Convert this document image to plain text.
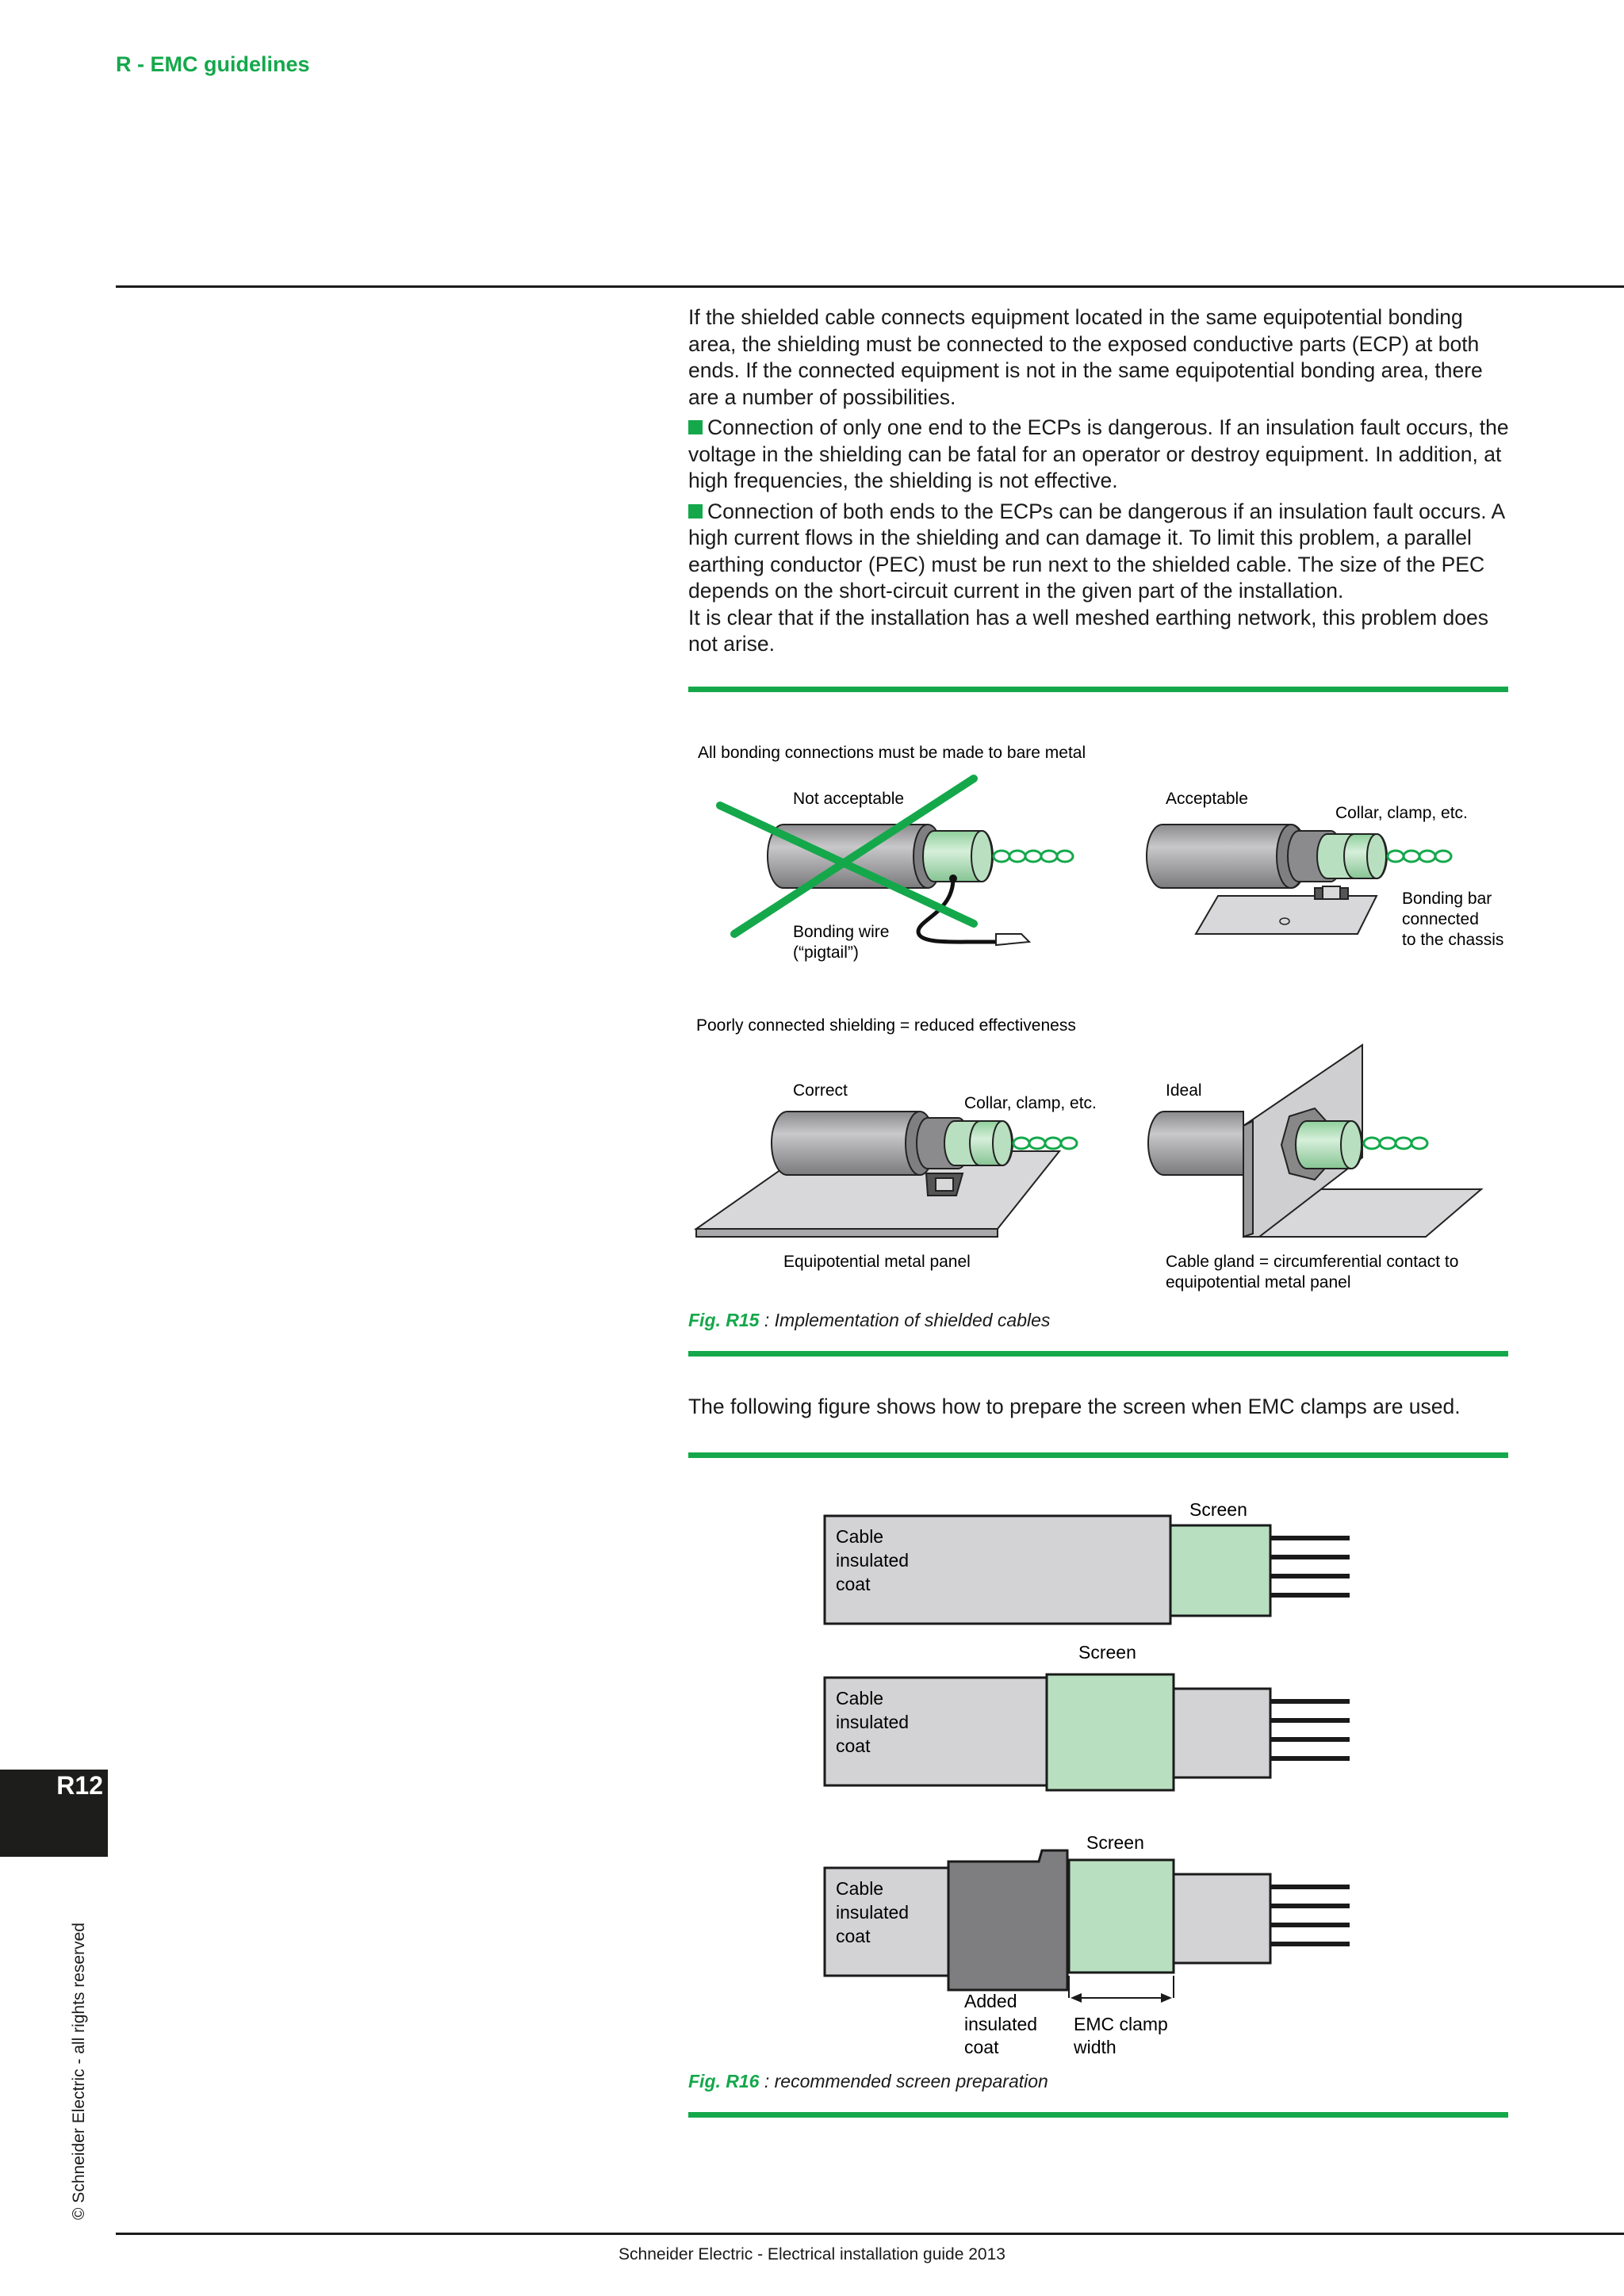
R - EMC guidelines

If the shielded cable connects equipment located in the same equipotential bonding area, the shielding must be connected to the exposed conductive parts (ECP) at both ends. If the connected equipment is not in the same equipotential bonding area, there are a number of possibilities.

Connection of only one end to the ECPs is dangerous. If an insulation fault occurs, the voltage in the shielding can be fatal for an operator or destroy equipment. In addition, at high frequencies, the shielding is not effective.

Connection of both ends to the ECPs can be dangerous if an insulation fault occurs. A high current flows in the shielding and can damage it. To limit this problem, a parallel earthing conductor (PEC) must be run next to the shielded cable. The size of the PEC depends on the short-circuit current in the given part of the installation.

It is clear that if the installation has a well meshed earthing network, this problem does not arise.

All bonding connections must be made to bare metal
Not acceptable
Bonding wire
(“pigtail”)
Acceptable
Collar, clamp, etc.
Bonding bar
connected
to the chassis
Poorly connected shielding = reduced effectiveness
Correct
Collar, clamp, etc.
Equipotential metal panel
Ideal
Cable gland = circumferential contact to
equipotential metal panel
Fig. R15 : Implementation of shielded cables
The following figure shows how to prepare the screen when EMC clamps are used.
Screen
Cable
insulated
coat
Screen
Cable
insulated
coat
Screen
Cable
insulated
coat
Added
insulated
coat
EMC clamp
width
Fig. R16 : recommended screen preparation
R12
© Schneider Electric - all rights reserved
Schneider Electric - Electrical installation guide 2013
